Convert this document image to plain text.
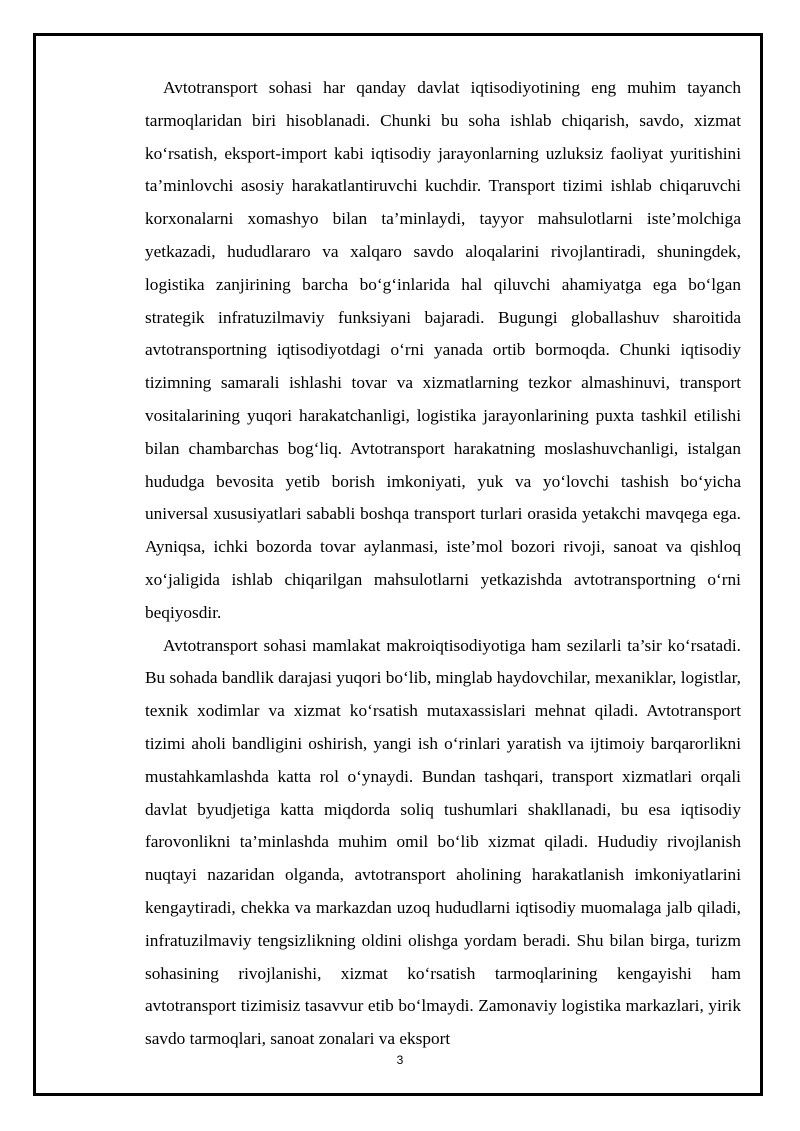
Avtotransport sohasi har qanday davlat iqtisodiyotining eng muhim tayanch tarmoqlaridan biri hisoblanadi. Chunki bu soha ishlab chiqarish, savdo, xizmat ko‘rsatish, eksport-import kabi iqtisodiy jarayonlarning uzluksiz faoliyat yuritishini ta’minlovchi asosiy harakatlantiruvchi kuchdir. Transport tizimi ishlab chiqaruvchi korxonalarni xomashyo bilan ta’minlaydi, tayyor mahsulotlarni iste’molchiga yetkazadi, hududlararo va xalqaro savdo aloqalarini rivojlantiradi, shuningdek, logistika zanjirining barcha bo‘g‘inlarida hal qiluvchi ahamiyatga ega bo‘lgan strategik infratuzilmaviy funksiyani bajaradi. Bugungi globallashuv sharoitida avtotransportning iqtisodiyotdagi o‘rni yanada ortib bormoqda. Chunki iqtisodiy tizimning samarali ishlashi tovar va xizmatlarning tezkor almashinuvi, transport vositalarining yuqori harakatchanligi, logistika jarayonlarining puxta tashkil etilishi bilan chambarchas bog‘liq. Avtotransport harakatning moslashuvchanligi, istalgan hududga bevosita yetib borish imkoniyati, yuk va yo‘lovchi tashish bo‘yicha universal xususiyatlari sababli boshqa transport turlari orasida yetakchi mavqega ega. Ayniqsa, ichki bozorda tovar aylanmasi, iste’mol bozori rivoji, sanoat va qishloq xo‘jaligida ishlab chiqarilgan mahsulotlarni yetkazishda avtotransportning o‘rni beqiyosdir.

Avtotransport sohasi mamlakat makroiqtisodiyotiga ham sezilarli ta’sir ko‘rsatadi. Bu sohada bandlik darajasi yuqori bo‘lib, minglab haydovchilar, mexaniklar, logistlar, texnik xodimlar va xizmat ko‘rsatish mutaxassislari mehnat qiladi. Avtotransport tizimi aholi bandligini oshirish, yangi ish o‘rinlari yaratish va ijtimoiy barqarorlikni mustahkamlashda katta rol o‘ynaydi. Bundan tashqari, transport xizmatlari orqali davlat byudjetiga katta miqdorda soliq tushumlari shakllanadi, bu esa iqtisodiy farovonlikni ta’minlashda muhim omil bo‘lib xizmat qiladi. Hududiy rivojlanish nuqtayi nazaridan olganda, avtotransport aholining harakatlanish imkoniyatlarini kengaytiradi, chekka va markazdan uzoq hududlarni iqtisodiy muomalaga jalb qiladi, infratuzilmaviy tengsizlikning oldini olishga yordam beradi. Shu bilan birga, turizm sohasining rivojlanishi, xizmat ko‘rsatish tarmoqlarining kengayishi ham avtotransport tizimisiz tasavvur etib bo‘lmaydi. Zamonaviy logistika markazlari, yirik savdo tarmoqlari, sanoat zonalari va eksport

3
